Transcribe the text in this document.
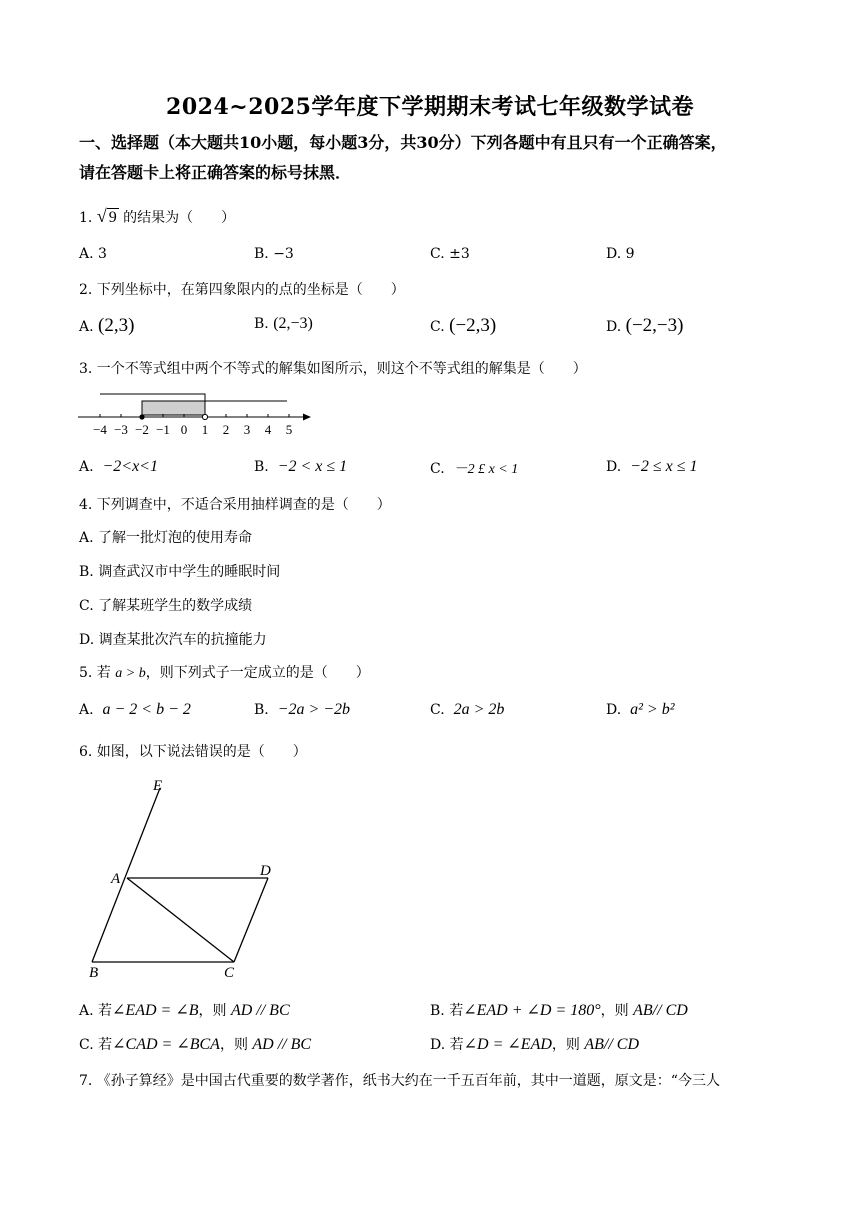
2024~2025学年度下学期期末考试七年级数学试卷
一、选择题（本大题共10小题，每小题3分，共30分）下列各题中有且只有一个正确答案，
请在答题卡上将正确答案的标号抹黑．
1. √ 9 的结果为（　　）
A. 3	B. −3	C. ±3	D. 9
2. 下列坐标中，在第四象限内的点的坐标是（　　）
A. (2,3)	B. (2,−3)	C. (−2,3)	D. (−2,−3)
3. 一个不等式组中两个不等式的解集如图所示，则这个不等式组的解集是（　　）
−4 −3 −2 −1 0 1 2 3 4 5
A. −2<x<1	B. −2 < x ≤ 1	C. －2 £ x < 1	D. −2 ≤ x ≤ 1
4. 下列调查中，不适合采用抽样调查的是（　　）
A. 了解一批灯泡的使用寿命
B. 调查武汉市中学生的睡眠时间
C. 了解某班学生的数学成绩
D. 调查某批次汽车的抗撞能力
5. 若 a > b，则下列式子一定成立的是（　　）
A. a − 2 < b − 2	B. −2a > −2b	C. 2a > 2b	D. a² > b²
6. 如图，以下说法错误的是（　　）
E
A	D
B	C
A. 若∠EAD = ∠B，则 AD // BC	B. 若∠EAD + ∠D = 180°，则 AB// CD
C. 若∠CAD = ∠BCA，则 AD // BC	D. 若∠D = ∠EAD，则 AB// CD
7. 《孙子算经》是中国古代重要的数学著作，纸书大约在一千五百年前，其中一道题，原文是：“今三人
